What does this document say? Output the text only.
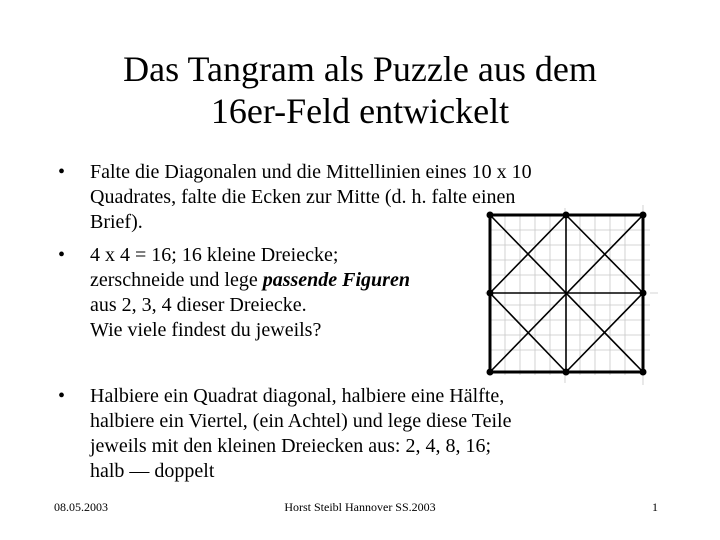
Das Tangram als Puzzle aus dem
16er-Feld entwickelt
• Falte die Diagonalen und die Mittellinien eines 10 x 10
Quadrates, falte die Ecken zur Mitte (d. h. falte einen
Brief).
• 4 x 4 = 16; 16 kleine Dreiecke;
zerschneide und lege passende Figuren
aus 2, 3, 4 dieser Dreiecke.
Wie viele findest du jeweils?
• Halbiere ein Quadrat diagonal, halbiere eine Hälfte,
halbiere ein Viertel, (ein Achtel) und lege diese Teile
jeweils mit den kleinen Dreiecken aus: 2, 4, 8, 16;
halb –– doppelt
08.05.2003	Horst Steibl Hannover SS.2003	1
